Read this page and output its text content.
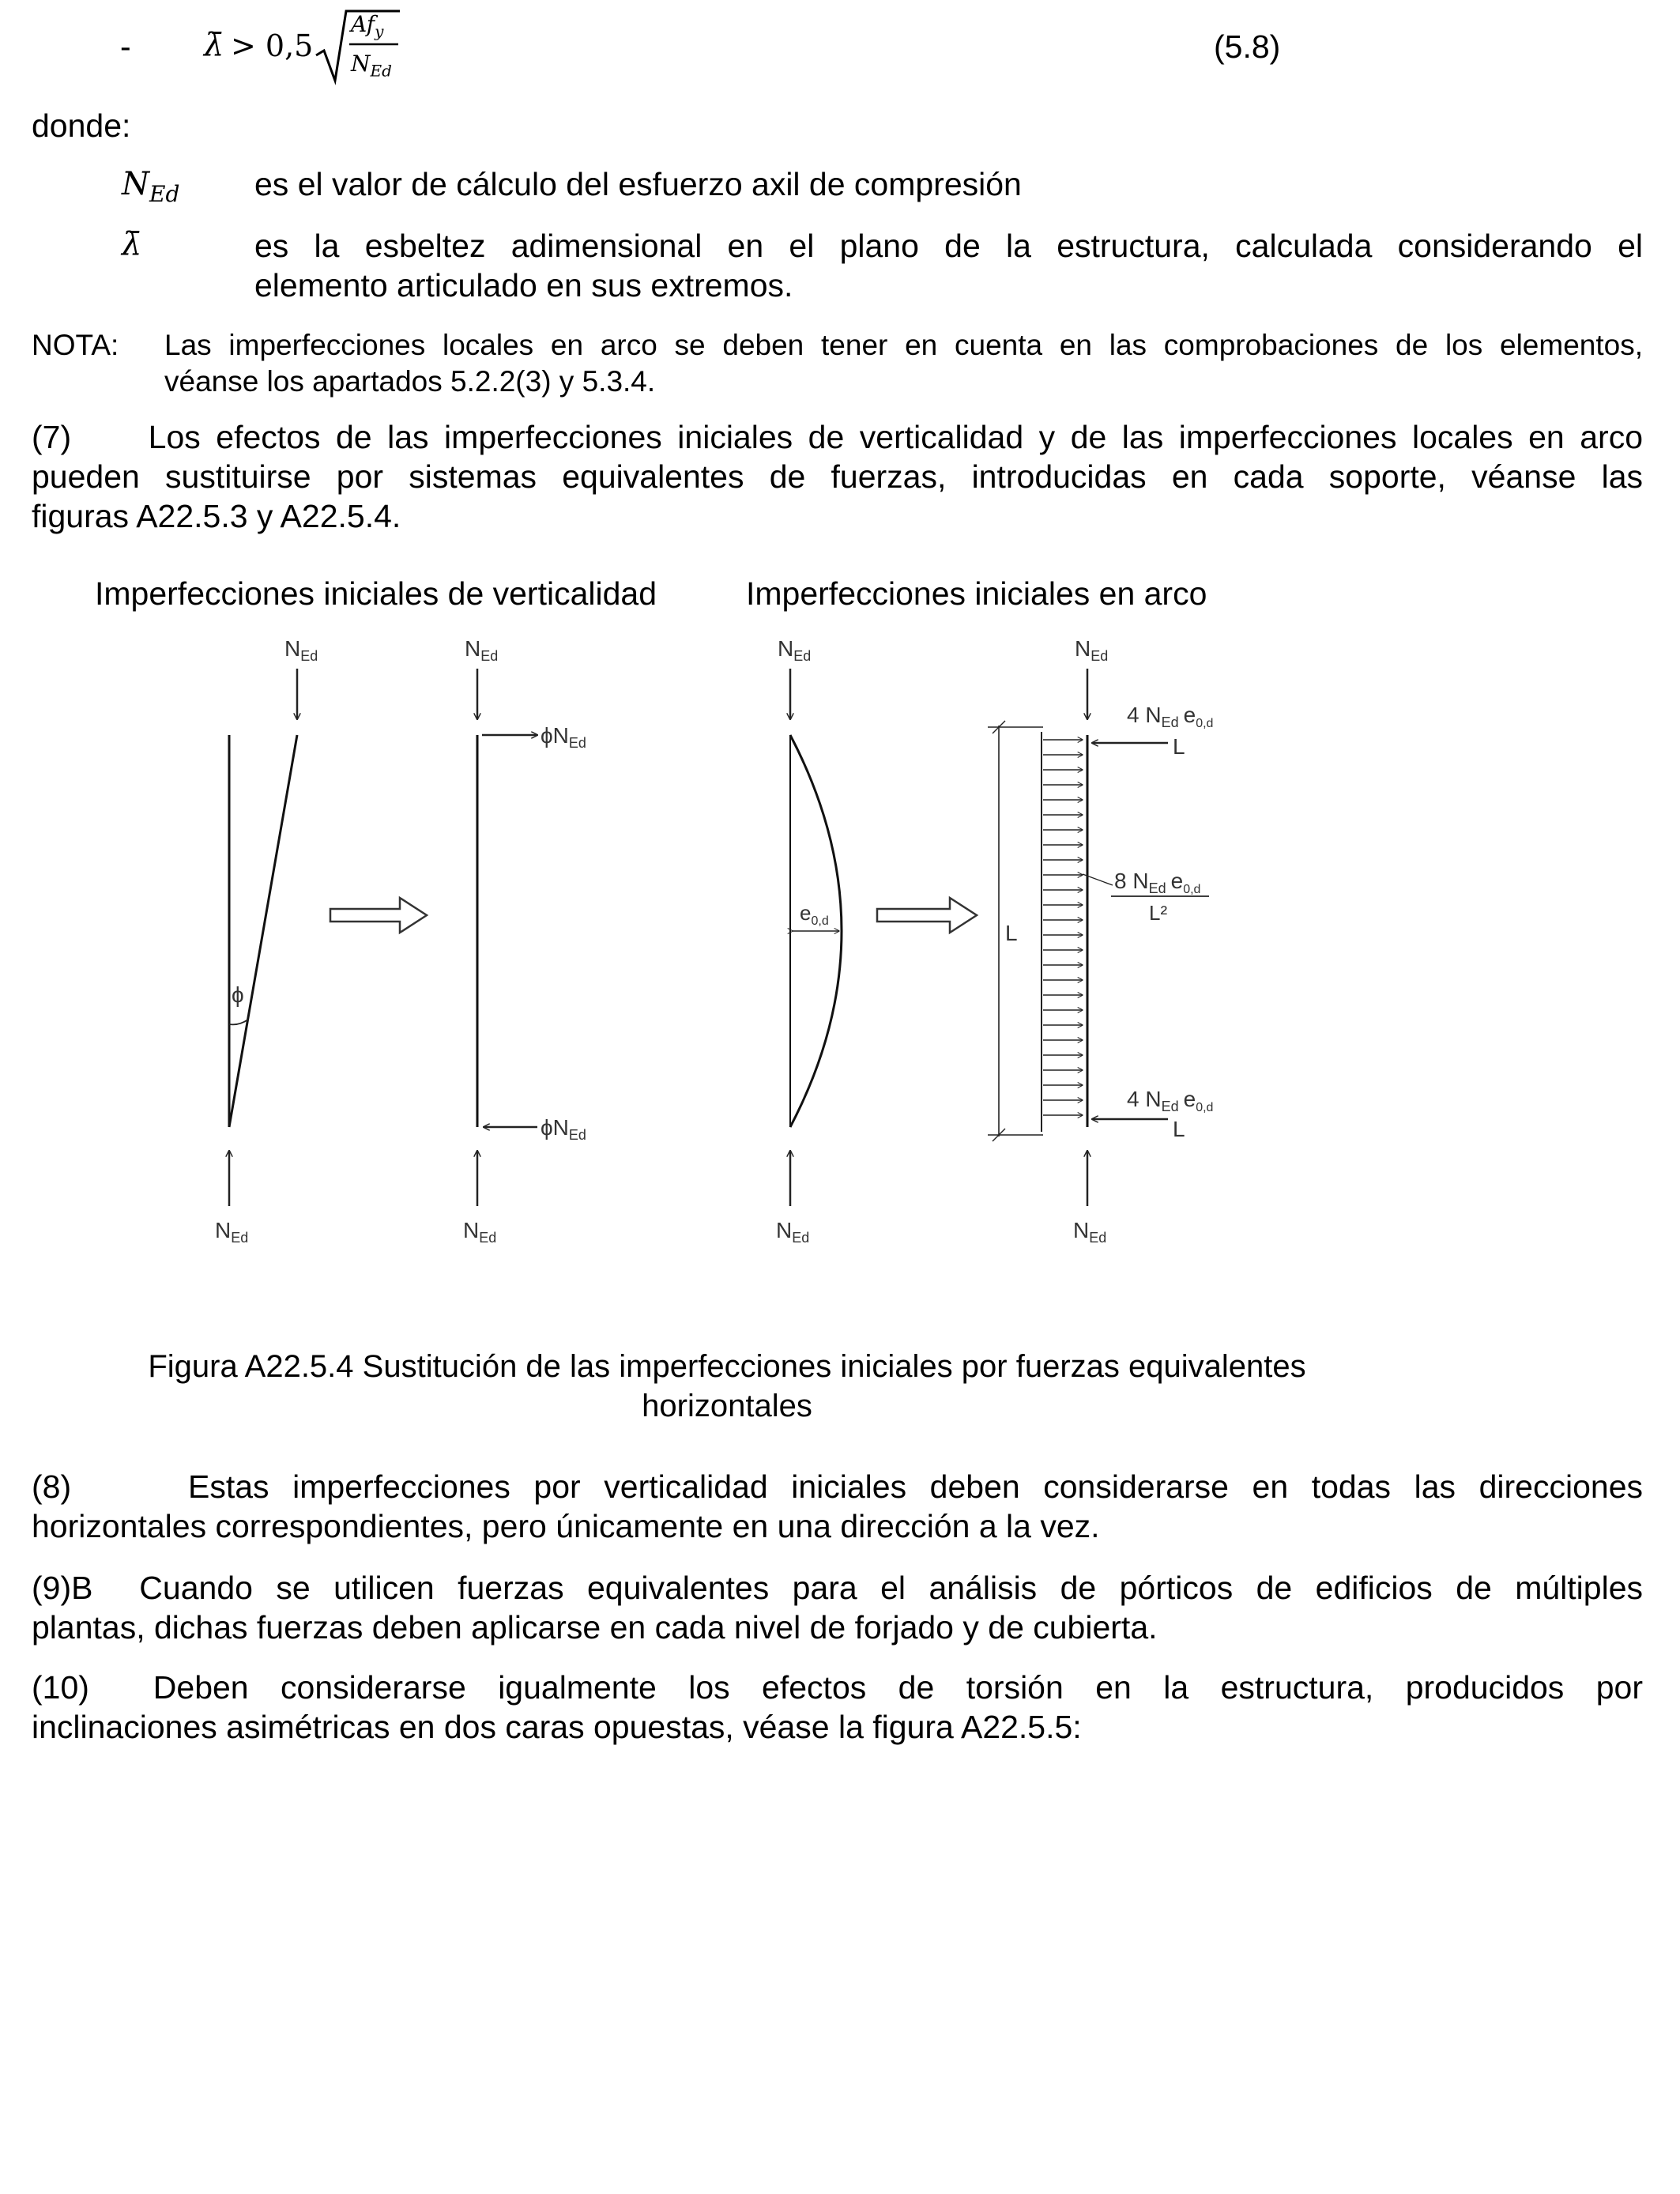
- λ̄ > 0,5
$Af_y$
$N_{Ed}$
(5.8)
donde:
$N_{Ed}$ es el valor de cálculo del esfuerzo axil de compresión
λ̄	es la esbeltez adimensional en el plano de la estructura, calculada considerando el
elemento articulado en sus extremos.
NOTA: Las imperfecciones locales en arco se deben tener en cuenta en las comprobaciones de los elementos,
véanse los apartados 5.2.2(3) y 5.3.4.
(7)     Los efectos de las imperfecciones iniciales de verticalidad y de las imperfecciones locales en arco
pueden sustituirse por sistemas equivalentes de fuerzas, introducidas en cada soporte, véanse las
figuras A22.5.3 y A22.5.4.
Imperfecciones iniciales de verticalidad	Imperfecciones iniciales en arco
$N_{Ed}$
ϕ
$N_{Ed}$
$N_{Ed}$
$\phi N_{Ed}$
$\phi N_{Ed}$
$N_{Ed}$
$N_{Ed}$
$e_{0,d}$
$N_{Ed}$
$N_{Ed}$
L
4 $N_{Ed}$ $e_{0,d}$
L
8 $N_{Ed}$ $e_{0,d}$
L²
4 $N_{Ed}$ $e_{0,d}$
L
$N_{Ed}$
Figura A22.5.4 Sustitución de las imperfecciones iniciales por fuerzas equivalentes
horizontales
(8)     Estas imperfecciones por verticalidad iniciales deben considerarse en todas las direcciones
horizontales correspondientes, pero únicamente en una dirección a la vez.
(9)B  Cuando se utilicen fuerzas equivalentes para el análisis de pórticos de edificios de múltiples
plantas, dichas fuerzas deben aplicarse en cada nivel de forjado y de cubierta.
(10)  Deben considerarse igualmente los efectos de torsión en la estructura, producidos por
inclinaciones asimétricas en dos caras opuestas, véase la figura A22.5.5:
